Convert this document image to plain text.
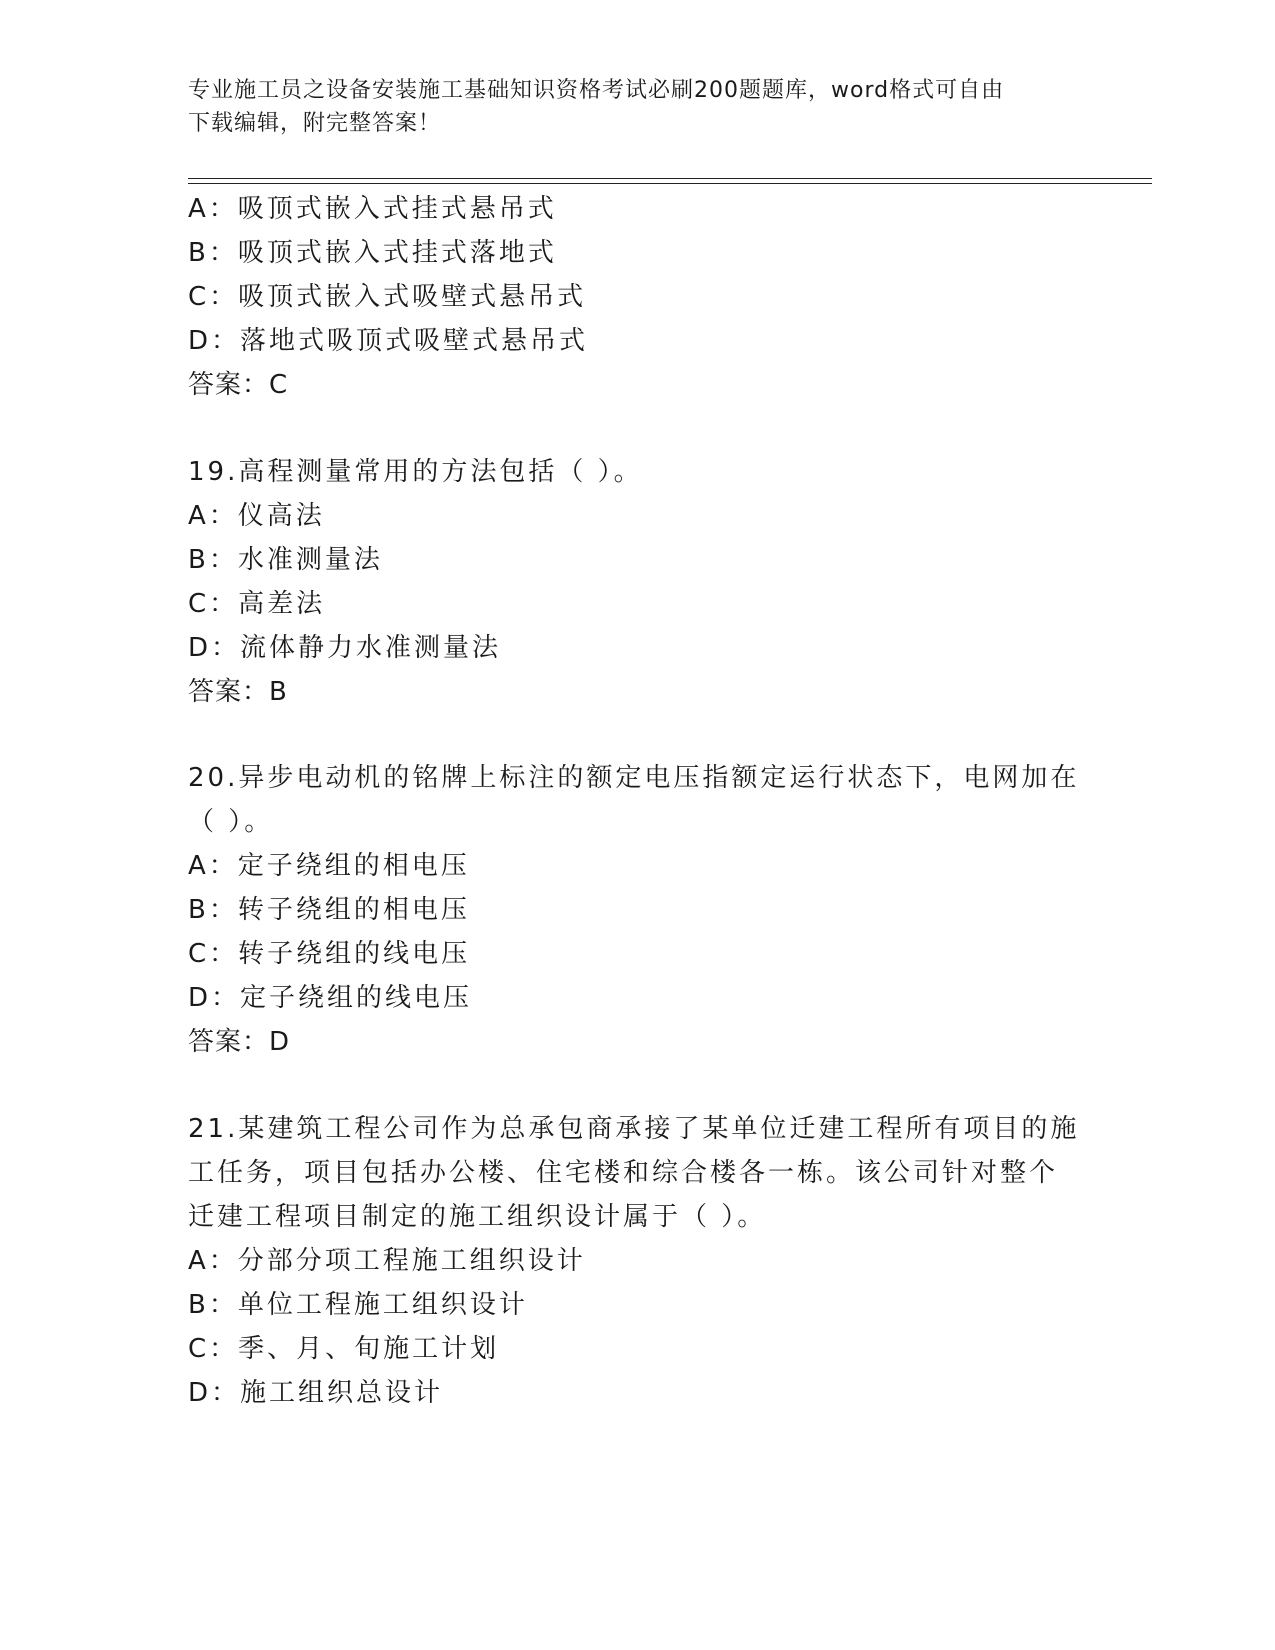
专业施工员之设备安装施工基础知识资格考试必刷200题题库，word格式可自由
下载编辑，附完整答案！
A：吸顶式嵌入式挂式悬吊式
B：吸顶式嵌入式挂式落地式
C：吸顶式嵌入式吸壁式悬吊式
D：落地式吸顶式吸壁式悬吊式
答案：C
19.高程测量常用的方法包括（ ）。
A：仪高法
B：水准测量法
C：高差法
D：流体静力水准测量法
答案：B
20.异步电动机的铭牌上标注的额定电压指额定运行状态下，电网加在
（ ）。
A：定子绕组的相电压
B：转子绕组的相电压
C：转子绕组的线电压
D：定子绕组的线电压
答案：D
21.某建筑工程公司作为总承包商承接了某单位迁建工程所有项目的施
工任务，项目包括办公楼、住宅楼和综合楼各一栋。该公司针对整个
迁建工程项目制定的施工组织设计属于（ ）。
A：分部分项工程施工组织设计
B：单位工程施工组织设计
C：季、月、旬施工计划
D：施工组织总设计
